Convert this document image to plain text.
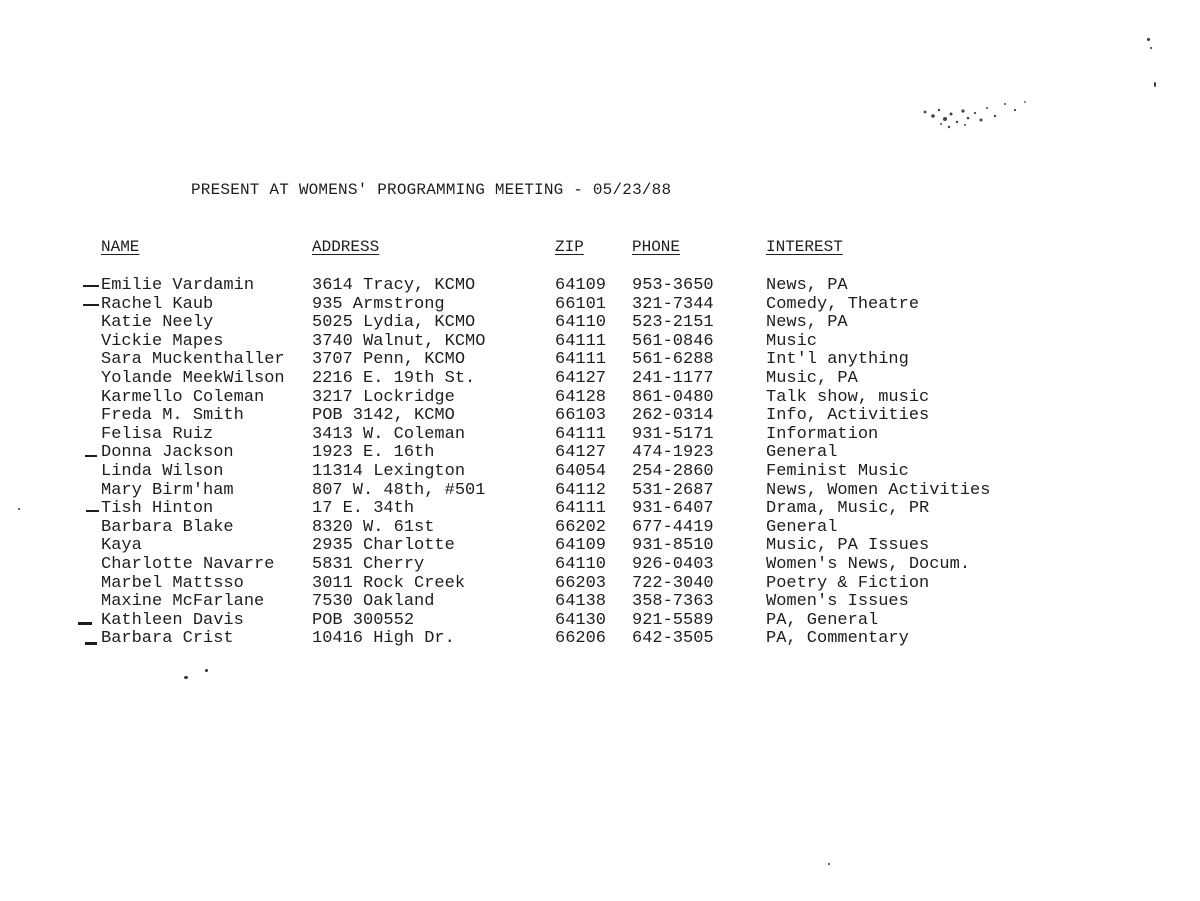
PRESENT AT WOMENS' PROGRAMMING MEETING - 05/23/88
NAME	ADDRESS	ZIP	PHONE	INTEREST
Emilie Vardamin	3614 Tracy, KCMO	64109 953-3650	News, PA
Rachel Kaub	935 Armstrong	66101 321-7344	Comedy, Theatre
Katie Neely	5025 Lydia, KCMO	64110 523-2151	News, PA
Vickie Mapes	3740 Walnut, KCMO	64111 561-0846	Music
Sara Muckenthaller 3707 Penn, KCMO	64111 561-6288	Int'l anything
Yolande MeekWilson 2216 E. 19th St.	64127 241-1177	Music, PA
Karmello Coleman	3217 Lockridge	64128 861-0480	Talk show, music
Freda M. Smith	POB 3142, KCMO	66103 262-0314	Info, Activities
Felisa Ruiz	3413 W. Coleman	64111 931-5171	Information
Donna Jackson	1923 E. 16th	64127 474-1923	General
Linda Wilson	11314 Lexington	64054 254-2860	Feminist Music
Mary Birm'ham	807 W. 48th, #501	64112 531-2687	News, Women Activities
Tish Hinton	17 E. 34th	64111 931-6407	Drama, Music, PR
Barbara Blake	8320 W. 61st	66202 677-4419	General
Kaya	2935 Charlotte	64109 931-8510	Music, PA Issues
Charlotte Navarre 5831 Cherry	64110 926-0403	Women's News, Docum.
Marbel Mattsso	3011 Rock Creek	66203 722-3040	Poetry & Fiction
Maxine McFarlane	7530 Oakland	64138 358-7363	Women's Issues
Kathleen Davis	POB 300552	64130 921-5589	PA, General
Barbara Crist	10416 High Dr.	66206 642-3505	PA, Commentary
